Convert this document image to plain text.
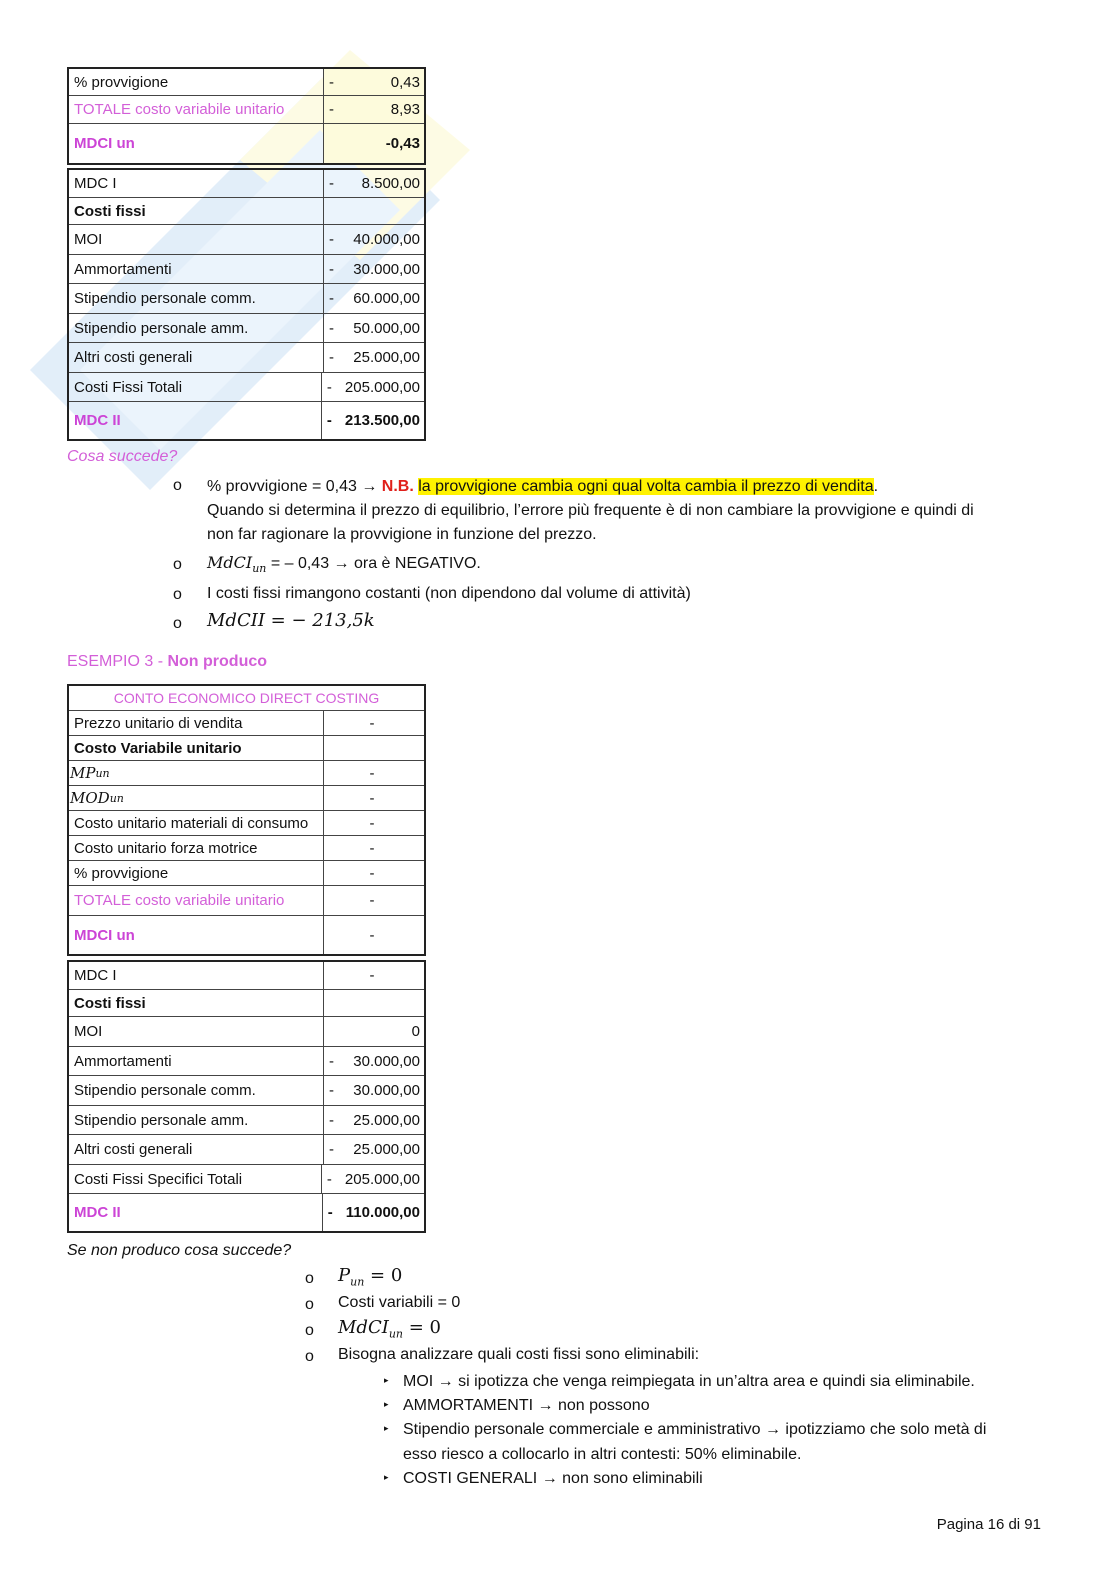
% provvigione	-	0,43
TOTALE costo variabile unitario	-	8,93
MDCI un	-0,43
MDC I	-	8.500,00
Costi fissi
MOI	-	40.000,00
Ammortamenti	-	30.000,00
Stipendio personale comm.	-	60.000,00
Stipendio personale amm.	-	50.000,00
Altri costi generali	-	25.000,00
Costi Fissi Totali	- 205.000,00
MDC II	- 213.500,00
Cosa succede?
o % provvigione = 0,43 → N.B. la provvigione cambia ogni qual volta cambia il prezzo di vendita.
Quando si determina il prezzo di equilibrio, l’errore più frequente è di non cambiare la provvigione e quindi di
non far ragionare la provvigione in funzione del prezzo.
o MdCI$_{un}$ = – 0,43 → ora è NEGATIVO.
o I costi fissi rimangono costanti (non dipendono dal volume di attività)
o MdCII = − 213,5k
ESEMPIO 3 - Non produco
CONTO ECONOMICO DIRECT COSTING
Prezzo unitario di vendita	-
Costo Variabile unitario
MP un	-
MOD un	-
Costo unitario materiali di consumo	-
Costo unitario forza motrice	-
% provvigione	-
TOTALE costo variabile unitario	-
MDCI un	-
MDC I	-
Costi fissi
MOI	0
Ammortamenti	-	30.000,00
Stipendio personale comm.	-	30.000,00
Stipendio personale amm.	-	25.000,00
Altri costi generali	-	25.000,00
Costi Fissi Specifici Totali	- 205.000,00
MDC II	- 110.000,00
Se non produco cosa succede?
o $P_{un} = 0$
o Costi variabili = 0
o MdCI$_{un}$ = 0
o Bisogna analizzare quali costi fissi sono eliminabili:
▸ MOI → si ipotizza che venga reimpiegata in un’altra area e quindi sia eliminabile.
▸ AMMORTAMENTI → non possono
▸ Stipendio personale commerciale e amministrativo → ipotizziamo che solo metà di
esso riesco a collocarlo in altri contesti: 50% eliminabile.
▸ COSTI GENERALI → non sono eliminabili
Pagina 16 di 91
